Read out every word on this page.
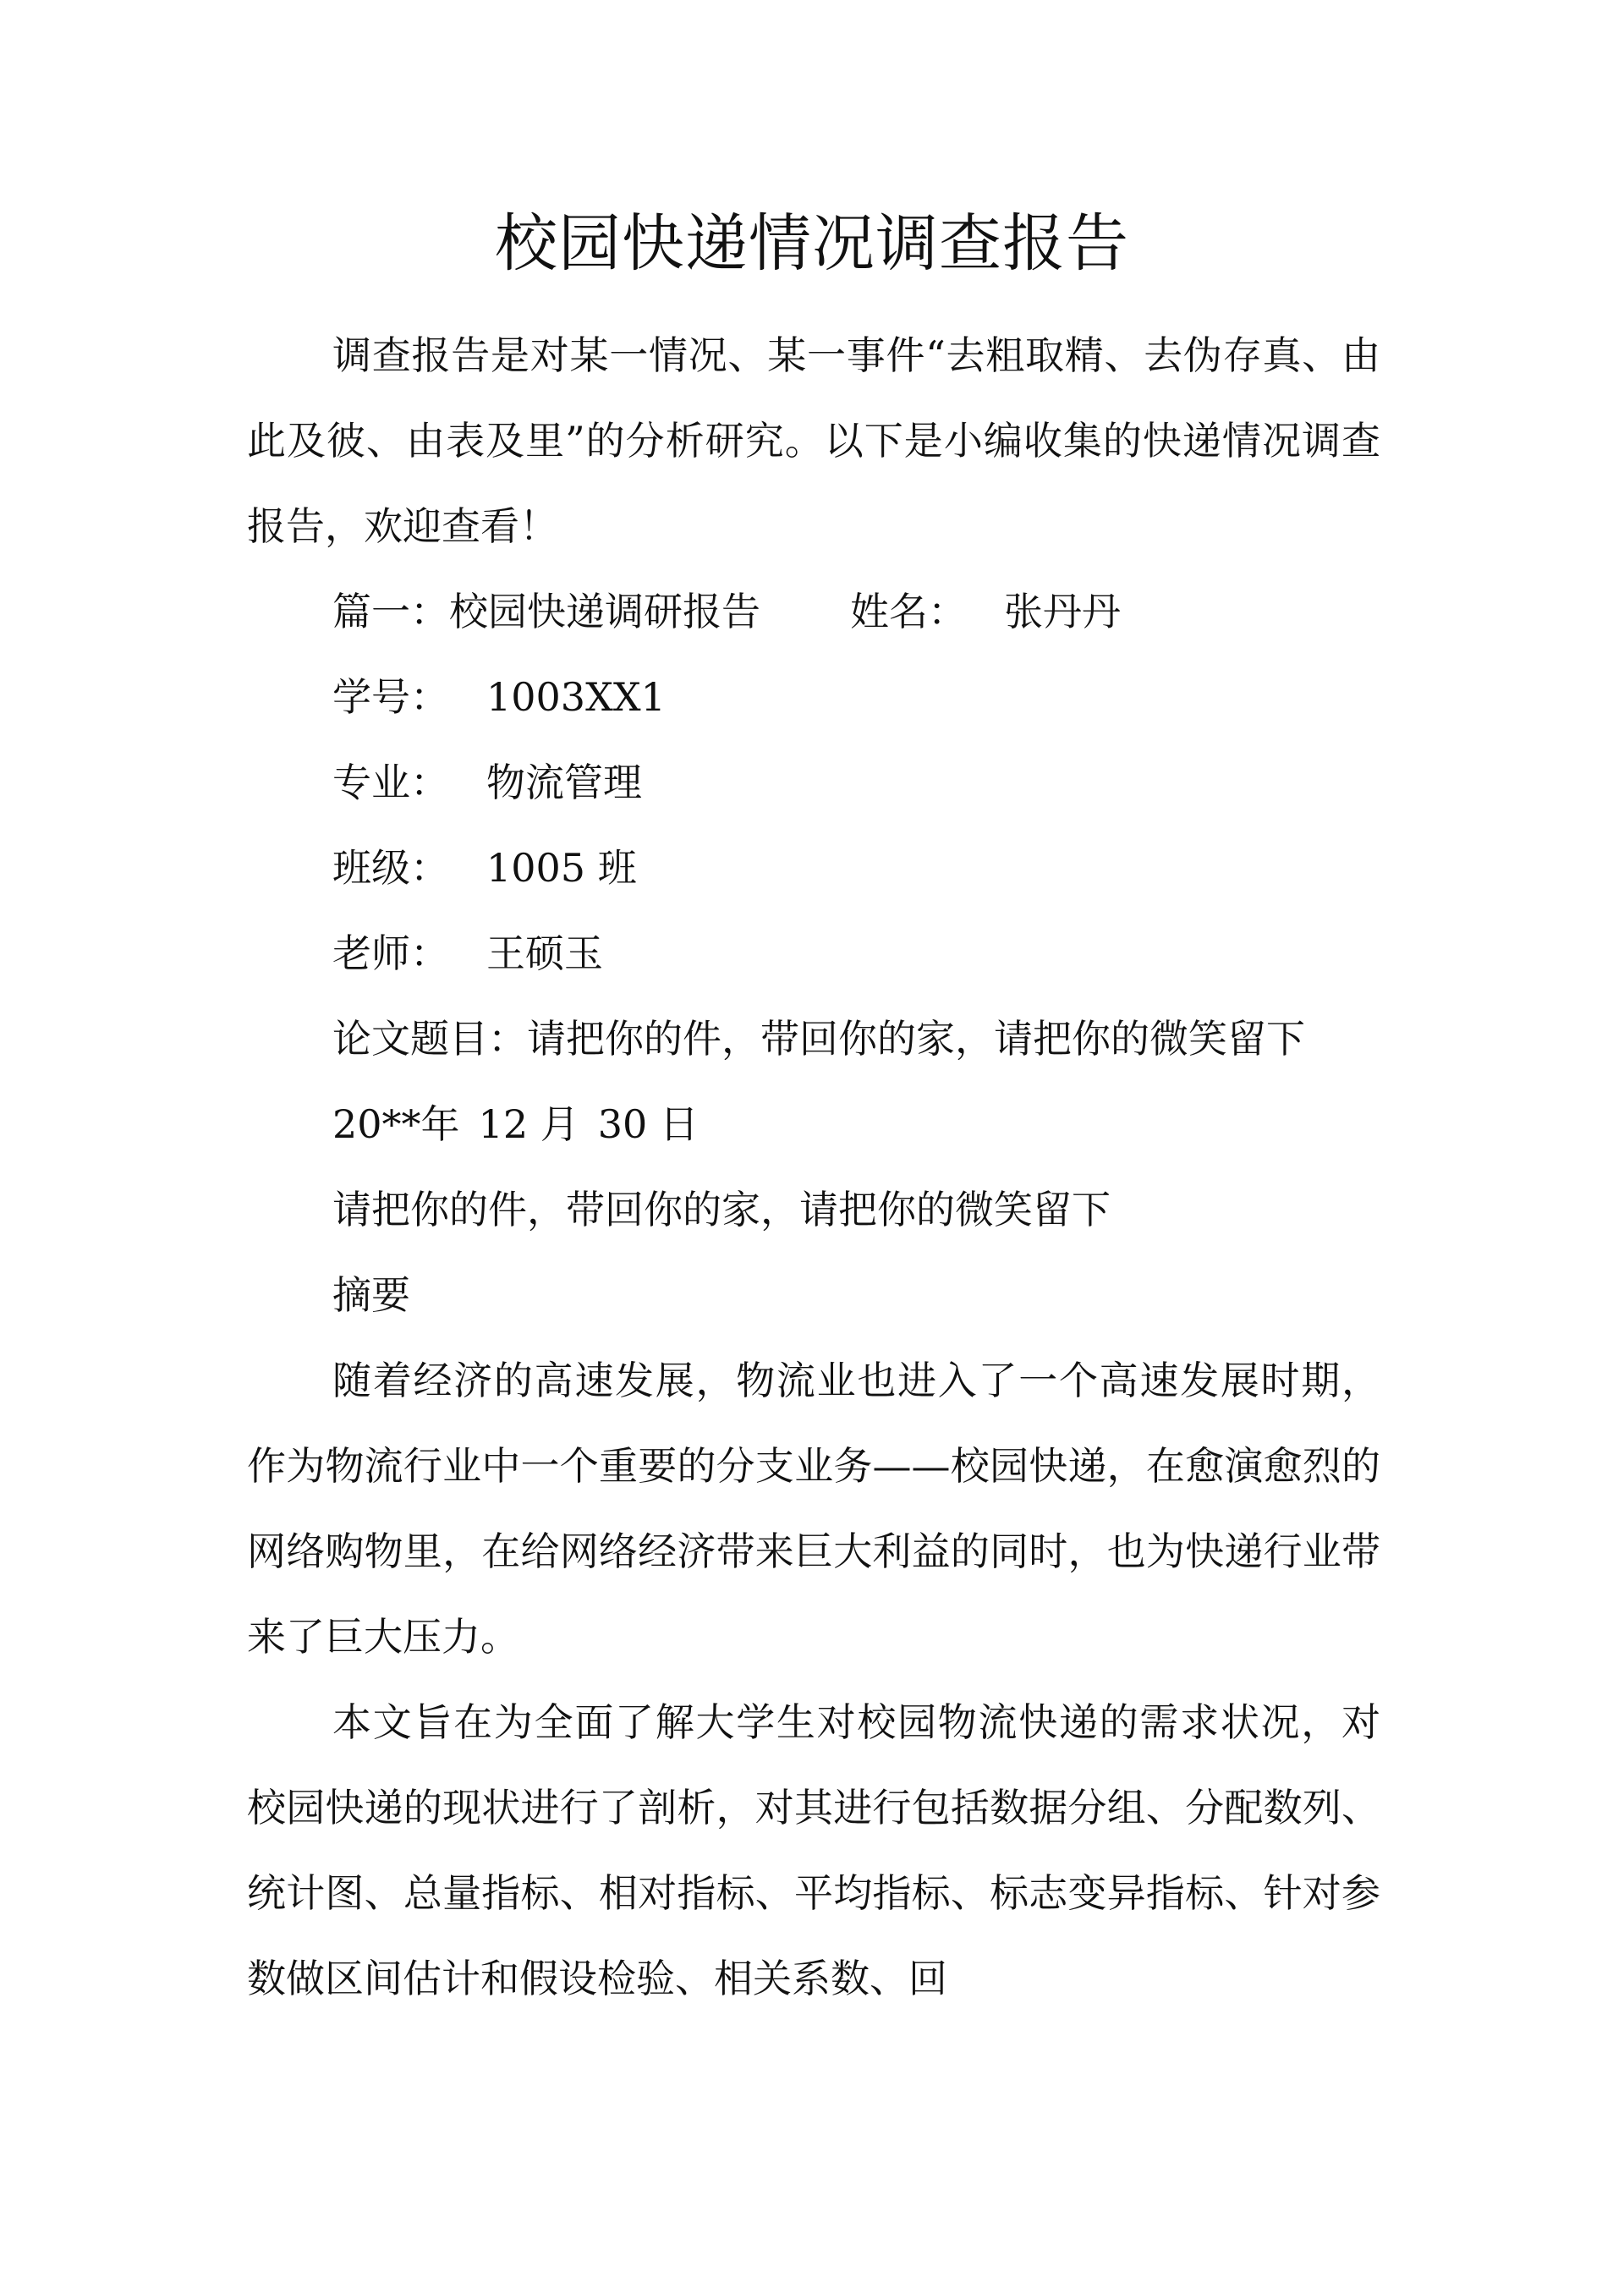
校园快递情况调查报告

调查报告是对某一情况、某一事件“去粗取精、去伪存真、由此及彼、由表及里”的分析研究。以下是小编收集的快递情况调查报告，欢迎查看！

篇一：校园快递调研报告 姓名： 张丹丹

学号： 1003XX1

专业： 物流管理

班级： 1005 班

老师： 王硕玉

论文题目：请把你的件，带回你的家，请把你的微笑留下

20**年 12 月 30 日

请把你的件，带回你的家，请把你的微笑留下

摘要

随着经济的高速发展，物流业也进入了一个高速发展时期，作为物流行业中一个重要的分支业务——校园快递，在愈演愈烈的网络购物里，在给网络经济带来巨大利益的同时，也为快递行业带来了巨大压力。

本文旨在为全面了解大学生对校园物流快递的需求状况，对校园快递的现状进行了剖析，对其进行包括数据分组、分配数列、统计图、总量指标、相对指标、平均指标、标志变异指标、针对参数做区间估计和假设检验、相关系数、回
